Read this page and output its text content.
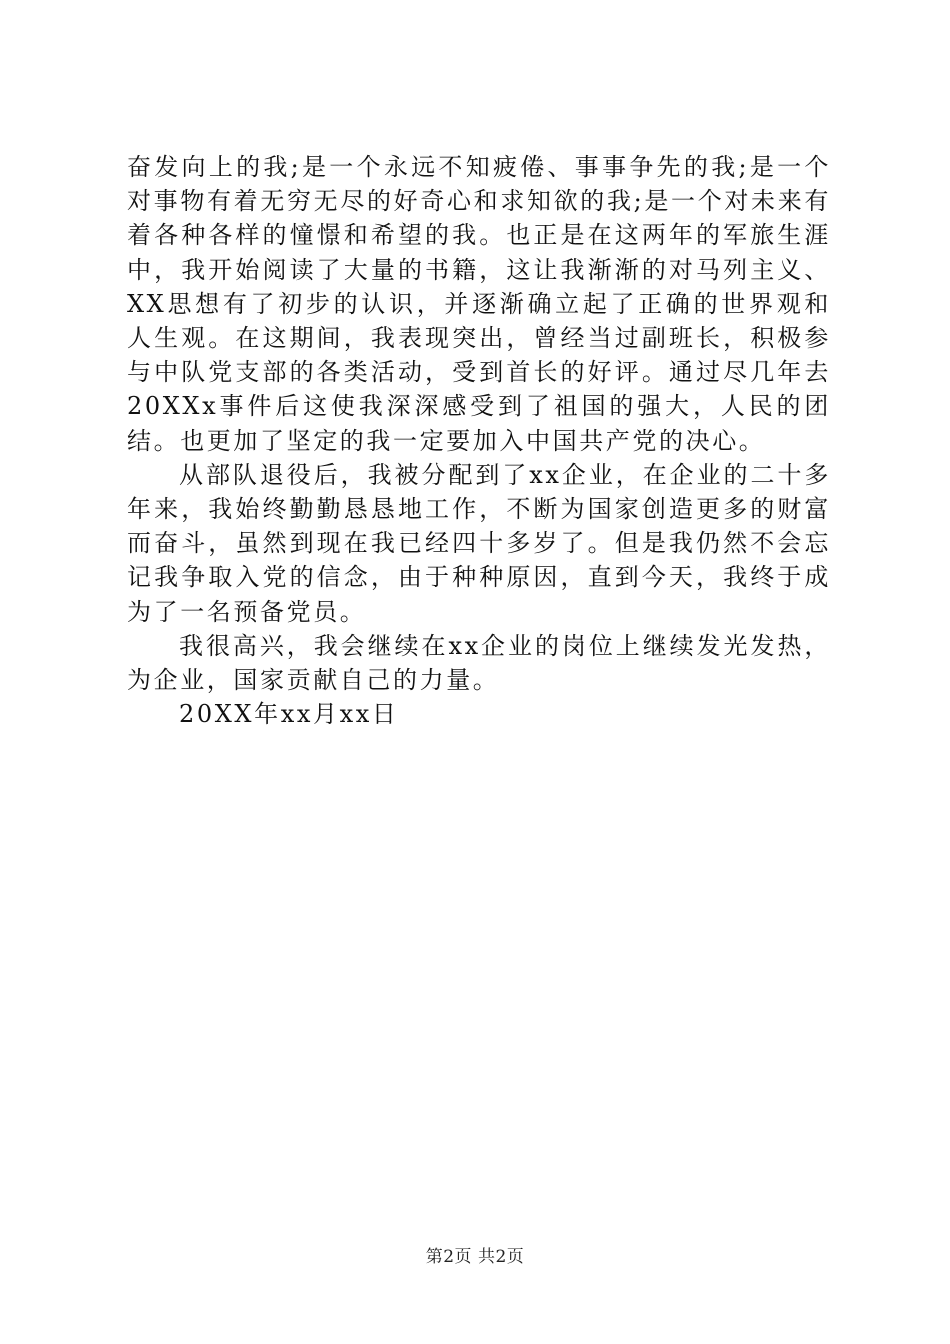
奋发向上的我;是一个永远不知疲倦、事事争先的我;是一个对事物有着无穷无尽的好奇心和求知欲的我;是一个对未来有着各种各样的憧憬和希望的我。也正是在这两年的军旅生涯中，我开始阅读了大量的书籍，这让我渐渐的对马列主义、XX思想有了初步的认识，并逐渐确立起了正确的世界观和人生观。在这期间，我表现突出，曾经当过副班长，积极参与中队党支部的各类活动，受到首长的好评。通过尽几年去20XXx事件后这使我深深感受到了祖国的强大，人民的团结。也更加了坚定的我一定要加入中国共产党的决心。

从部队退役后，我被分配到了xx企业，在企业的二十多年来，我始终勤勤恳恳地工作，不断为国家创造更多的财富而奋斗，虽然到现在我已经四十多岁了。但是我仍然不会忘记我争取入党的信念，由于种种原因，直到今天，我终于成为了一名预备党员。

我很高兴，我会继续在xx企业的岗位上继续发光发热，为企业，国家贡献自己的力量。

20XX年xx月xx日

第2页 共2页
